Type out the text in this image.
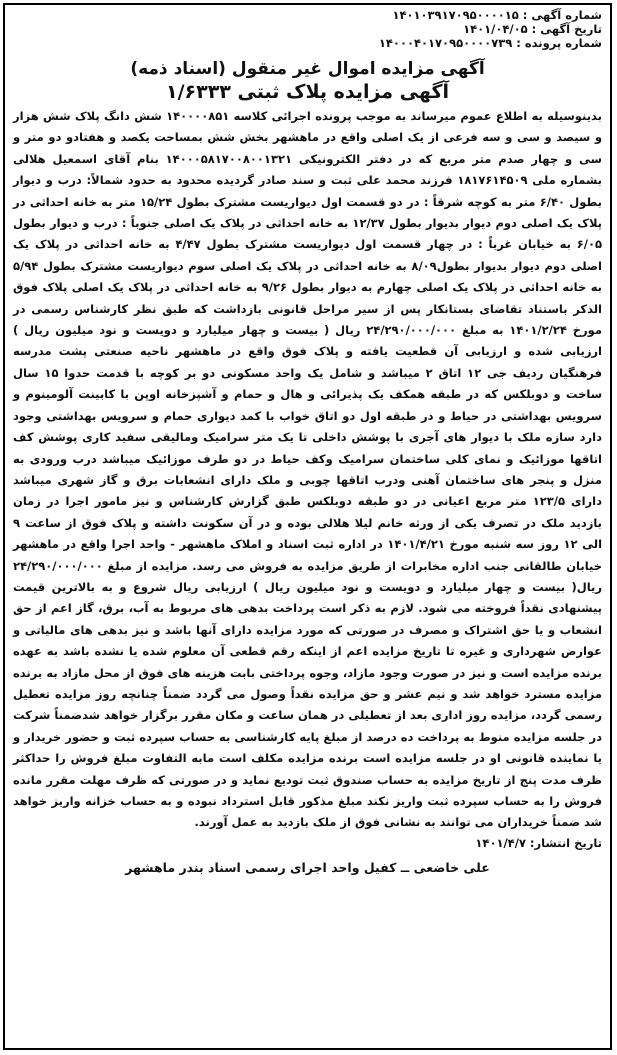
شماره آگهی : ۱۴۰۱۰۳۹۱۷۰۹۵۰۰۰۰۱۵
تاریخ آگهی : ۱۴۰۱/۰۴/۰۵
شماره پرونده : ۱۴۰۰۰۴۰۱۷۰۹۵۰۰۰۰۷۳۹
آگهی مزایده اموال غیر منقول (اسناد ذمه)
آگهی مزایده پلاک ثبتی ۱/۶۳۳۳
بدینوسیله به اطلاع عموم میرساند به موجب پرونده اجرائی کلاسه ۱۴۰۰۰۰۸۵۱ شش دانگ پلاک شش هزار و سیصد و سی و سه فرعی از یک اصلی واقع در ماهشهر بخش شش بمساحت یکصد و هفتادو دو متر و سی و چهار صدم متر مربع که در دفتر الکترونیکی ۱۴۰۰۰۵۸۱۷۰۰۸۰۰۱۳۲۱ بنام آقای اسمعیل هلالی بشماره ملی ۱۸۱۷۶۱۴۵۰۹ فرزند محمد علی ثبت و سند صادر گردیده محدود به حدود شمالاً: درب و دیوار بطول ۶/۴۰ متر به کوچه شرقاً : در دو قسمت اول دیواریست مشترک بطول ۱۵/۲۴ متر به خانه احداثی در پلاک یک اصلی دوم دیوار بدیوار بطول ۱۲/۳۷ به خانه احداثی در پلاک یک اصلی جنوباً : درب و دیوار بطول ۶/۰۵ به خیابان غرباً : در چهار قسمت اول دیواریست مشترک بطول ۴/۴۷ به خانه احداثی در پلاک یک اصلی دوم دیوار بدیوار بطول۸/۰۹ به خانه احداثی در پلاک یک اصلی سوم دیواریست مشترک بطول ۵/۹۴ به خانه احداثی در پلاک یک اصلی چهارم به دیوار بطول ۹/۲۶ به خانه احداثی در پلاک یک اصلی پلاک فوق الذکر باستناد تقاضای بستانکار پس از سیر مراحل قانونی بازداشت که طبق نظر کارشناس رسمی در مورخ ۱۴۰۱/۲/۲۴ به مبلغ ۲۴/۲۹۰/۰۰۰/۰۰۰ ریال ( بیست و چهار میلیارد و دویست و نود میلیون ریال ) ارزیابی شده و ارزیابی آن قطعیت یافته و پلاک فوق واقع در ماهشهر ناحیه صنعتی پشت مدرسه فرهنگیان ردیف جی ۱۲ اتاق ۲ میباشد و شامل یک واحد مسکونی دو بر کوچه با قدمت حدوا ۱۵ سال ساخت و دوبلکس که در طبقه همکف یک پذیرائی و هال و حمام و آشپزخانه اوپن با کابینت آلومینوم و سرویس بهداشتی در حیاط و در طبقه اول دو اتاق خواب با کمد دیواری حمام و سرویس بهداشتی وجود دارد سازه ملک با دیوار های آجری با پوشش داخلی تا یک متر سرامیک ومالیقی سفید کاری پوشش کف اتاقها موزائیک و نمای کلی ساختمان سرامیک وکف حیاط در دو طرف موزائیک میباشد درب ورودی به منزل و پنجر های ساختمان آهنی ودرب اتاقها چوبی و ملک دارای انشعابات برق و گاز شهری میباشد دارای ۱۲۳/۵ متر مربع اعیانی در دو طبقه دوبلکس طبق گزارش کارشناس و نیز مامور اجرا در زمان بازدید ملک در تصرف یکی از ورثه خانم لیلا هلالی بوده و در آن سکونت داشته و پلاک فوق از ساعت ۹ الی ۱۲ روز سه شنبه مورخ ۱۴۰۱/۴/۲۱ در اداره ثبت اسناد و املاک ماهشهر - واحد اجرا واقع در ماهشهر خیابان طالقانی جنب اداره مخابرات از طریق مزایده به فروش می رسد. مزایده از مبلغ ۲۴/۲۹۰/۰۰۰/۰۰۰ ریال( بیست و چهار میلیارد و دویست و نود میلیون ریال ) ارزیابی ریال شروع و به بالاترین قیمت پیشنهادی نقداً فروخته می شود. لازم به ذکر است پرداخت بدهی های مربوط به آب، برق، گاز اعم از حق انشعاب و یا حق اشتراک و مصرف در صورتی که مورد مزایده دارای آنها باشد و نیز بدهی های مالیاتی و عوارض شهرداری و غیره تا تاریخ مزایده اعم از اینکه رقم قطعی آن معلوم شده یا نشده باشد به عهده برنده مزایده است و نیز در صورت وجود مازاد، وجوه پرداختی بابت هزینه های فوق از محل مازاد به برنده مزایده مسترد خواهد شد و نیم عشر و حق مزایده نقداً وصول می گردد ضمناً چنانچه روز مزایده تعطیل رسمی گردد، مزایده روز اداری بعد از تعطیلی در همان ساعت و مکان مقرر برگزار خواهد شدضمناً شرکت در جلسه مزایده منوط به پرداخت ده درصد از مبلغ پایه کارشناسی به حساب سپرده ثبت و حضور خریدار و یا نماینده قانونی او در جلسه مزایده است برنده مزایده مکلف است مابه التفاوت مبلغ فروش را حداکثر ظرف مدت پنج از تاریخ مزایده به حساب صندوق ثبت تودیع نماید و در صورتی که ظرف مهلت مقرر مانده فروش را به حساب سپرده ثبت واریز نکند مبلغ مذکور قابل استرداد نبوده و به حساب خزانه واریز خواهد شد ضمناً خریداران می توانند به نشانی فوق از ملک بازدید به عمل آورند.
تاریخ انتشار: ۱۴۰۱/۴/۷
علی خاضعی ــ کفیل واحد اجرای رسمی اسناد بندر ماهشهر
